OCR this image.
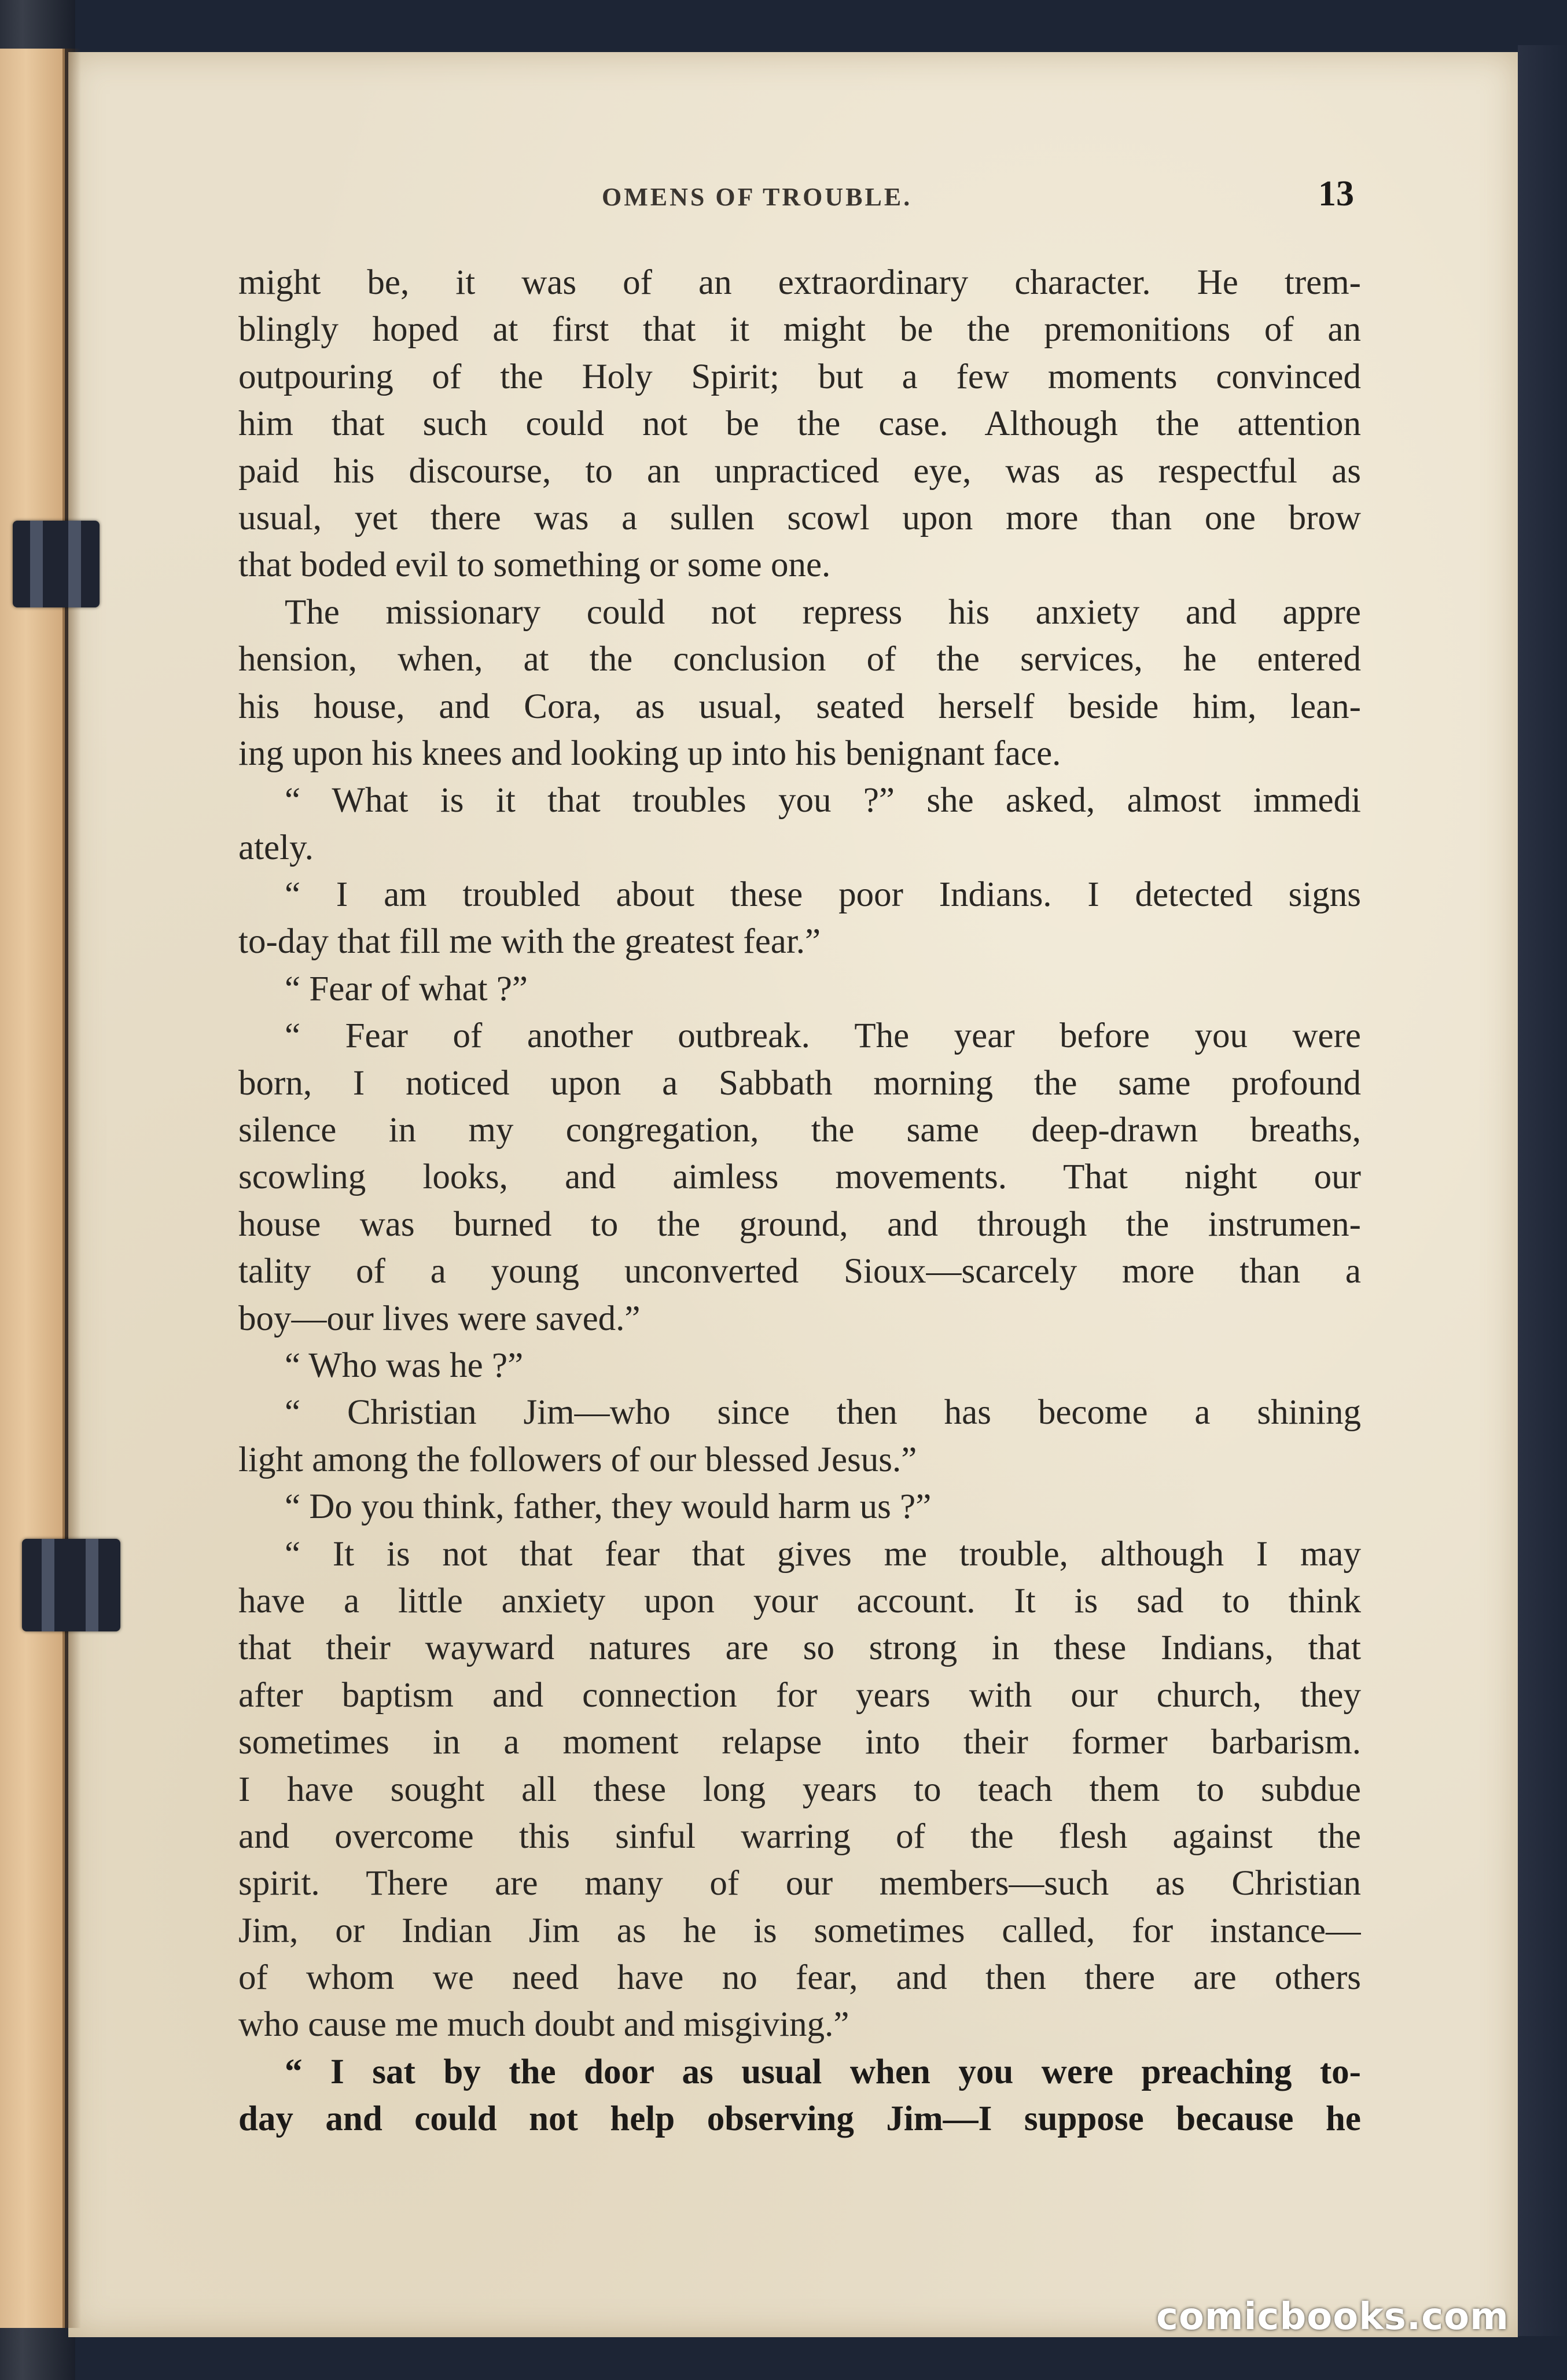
OMENS OF TROUBLE.	13
might be, it was of an extraordinary character. He trem-
blingly hoped at first that it might be the premonitions of an
outpouring of the Holy Spirit; but a few moments convinced
him that such could not be the case. Although the attention
paid his discourse, to an unpracticed eye, was as respectful as
usual, yet there was a sullen scowl upon more than one brow
that boded evil to something or some one.
The missionary could not repress his anxiety and appre
hension, when, at the conclusion of the services, he entered
his house, and Cora, as usual, seated herself beside him, lean-
ing upon his knees and looking up into his benignant face.
“ What is it that troubles you ?” she asked, almost immedi
ately.
“ I am troubled about these poor Indians. I detected signs
to-day that fill me with the greatest fear.”
“ Fear of what ?”
“ Fear of another outbreak. The year before you were
born, I noticed upon a Sabbath morning the same profound
silence in my congregation, the same deep-drawn breaths,
scowling looks, and aimless movements. That night our
house was burned to the ground, and through the instrumen-
tality of a young unconverted Sioux—scarcely more than a
boy—our lives were saved.”
“ Who was he ?”
“ Christian Jim—who since then has become a shining
light among the followers of our blessed Jesus.”
“ Do you think, father, they would harm us ?”
“ It is not that fear that gives me trouble, although I may
have a little anxiety upon your account. It is sad to think
that their wayward natures are so strong in these Indians, that
after baptism and connection for years with our church, they
sometimes in a moment relapse into their former barbarism.
I have sought all these long years to teach them to subdue
and overcome this sinful warring of the flesh against the
spirit. There are many of our members—such as Christian
Jim, or Indian Jim as he is sometimes called, for instance—
of whom we need have no fear, and then there are others
who cause me much doubt and misgiving.”
“ I sat by the door as usual when you were preaching to-
day and could not help observing Jim—I suppose because he
comicbooks.com
